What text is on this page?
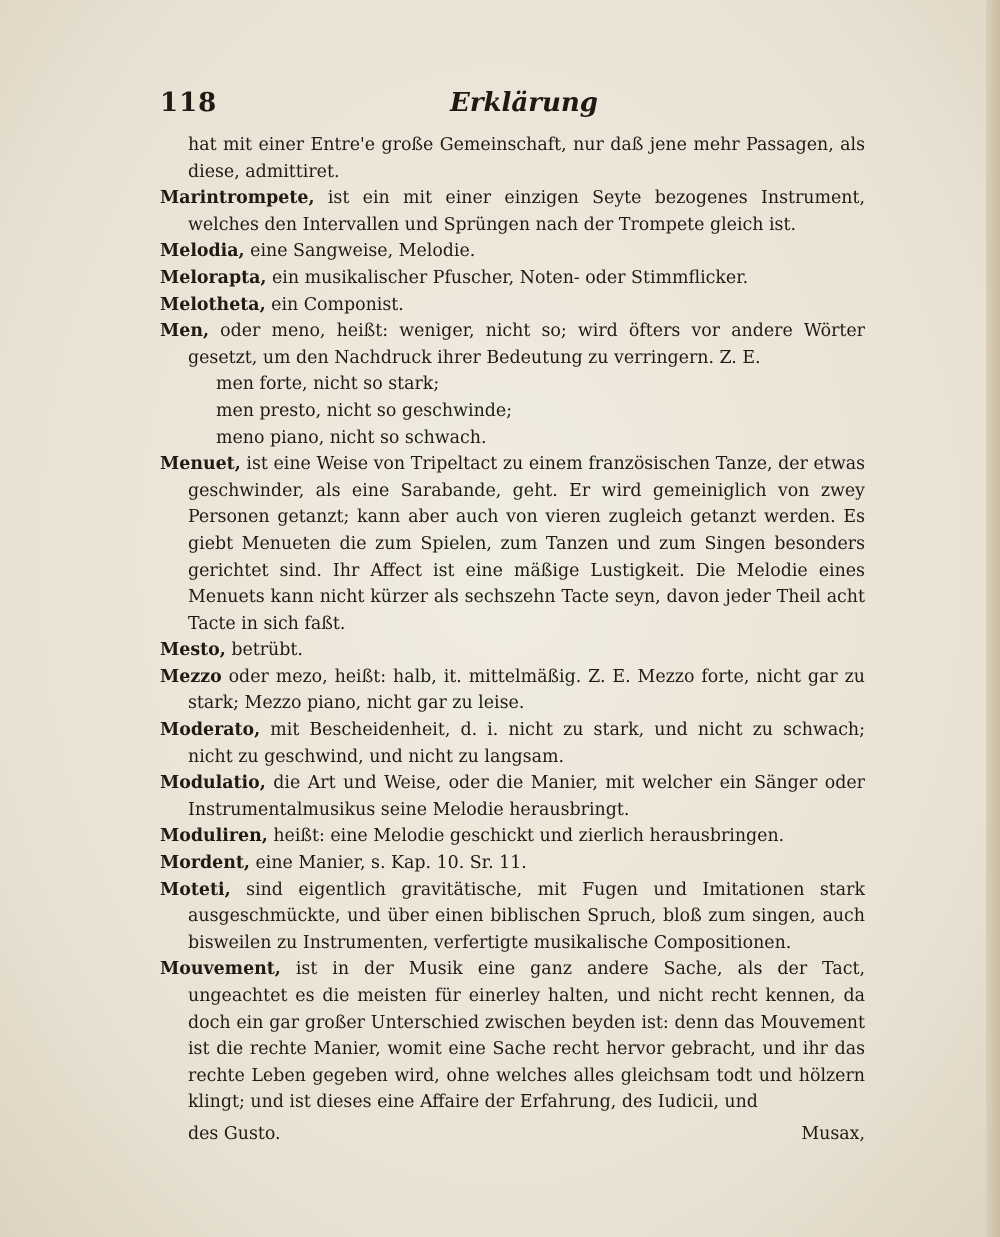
118	Erklärung

hat mit einer Entre'e große Gemeinschaft, nur daß jene mehr Passagen, als diese, admittiret.

Marintrompete, ist ein mit einer einzigen Seyte bezogenes Instrument, welches den Intervallen und Sprüngen nach der Trompete gleich ist.

Melodia, eine Sangweise, Melodie.

Melorapta, ein musikalischer Pfuscher, Noten- oder Stimmflicker.

Melotheta, ein Componist.

Men, oder meno, heißt: weniger, nicht so; wird öfters vor andere Wörter gesetzt, um den Nachdruck ihrer Bedeutung zu verringern. Z. E.

men forte, nicht so stark;

men presto, nicht so geschwinde;

meno piano, nicht so schwach.

Menuet, ist eine Weise von Tripeltact zu einem französischen Tanze, der etwas geschwinder, als eine Sarabande, geht. Er wird gemeiniglich von zwey Personen getanzt; kann aber auch von vieren zugleich getanzt werden. Es giebt Menueten die zum Spielen, zum Tanzen und zum Singen besonders gerichtet sind. Ihr Affect ist eine mäßige Lustigkeit. Die Melodie eines Menuets kann nicht kürzer als sechszehn Tacte seyn, davon jeder Theil acht Tacte in sich faßt.

Mesto, betrübt.

Mezzo oder mezo, heißt: halb, it. mittelmäßig. Z. E. Mezzo forte, nicht gar zu stark; Mezzo piano, nicht gar zu leise.

Moderato, mit Bescheidenheit, d. i. nicht zu stark, und nicht zu schwach; nicht zu geschwind, und nicht zu langsam.

Modulatio, die Art und Weise, oder die Manier, mit welcher ein Sänger oder Instrumentalmusikus seine Melodie herausbringt.

Moduliren, heißt: eine Melodie geschickt und zierlich herausbringen.

Mordent, eine Manier, s. Kap. 10. Sr. 11.

Moteti, sind eigentlich gravitätische, mit Fugen und Imitationen stark ausgeschmückte, und über einen biblischen Spruch, bloß zum singen, auch bisweilen zu Instrumenten, verfertigte musikalische Compositionen.

Mouvement, ist in der Musik eine ganz andere Sache, als der Tact, ungeachtet es die meisten für einerley halten, und nicht recht kennen, da doch ein gar großer Unterschied zwischen beyden ist: denn das Mouvement ist die rechte Manier, womit eine Sache recht hervor gebracht, und ihr das rechte Leben gegeben wird, ohne welches alles gleichsam todt und hölzern klingt; und ist dieses eine Affaire der Erfahrung, des Iudicii, und

des Gusto.	Musax,
